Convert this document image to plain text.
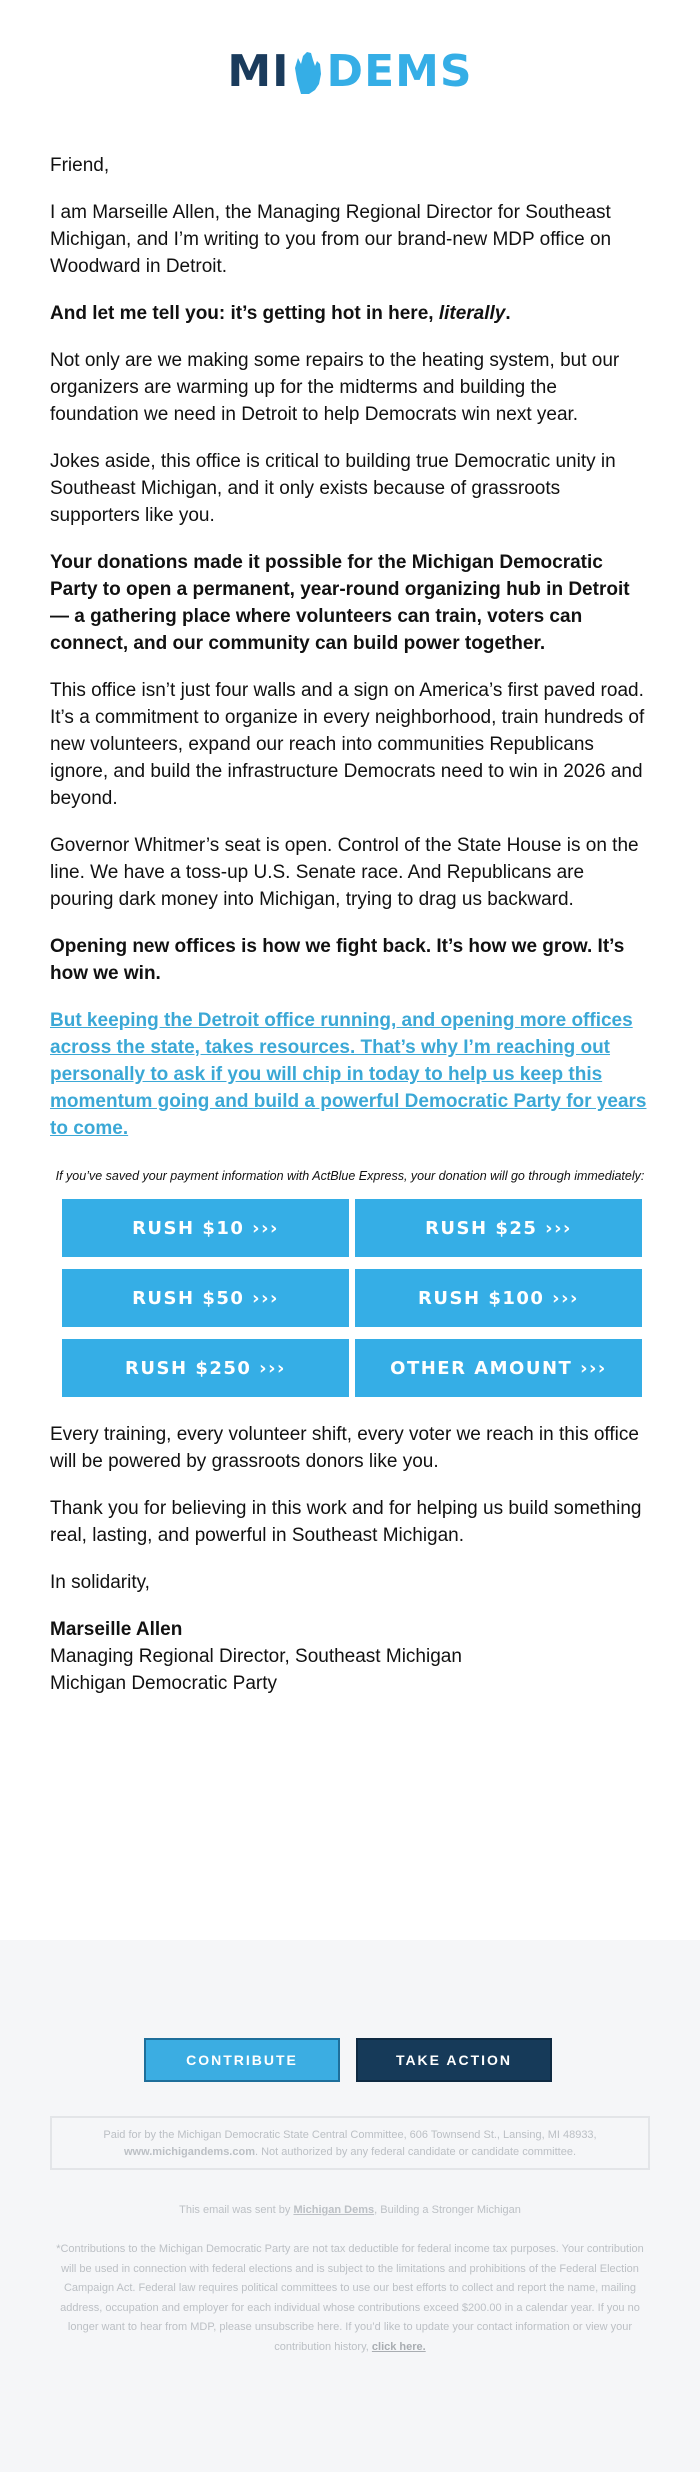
MI DEMS

Friend,

I am Marseille Allen, the Managing Regional Director for Southeast Michigan, and I’m writing to you from our brand-new MDP office on Woodward in Detroit.

And let me tell you: it’s getting hot in here, literally.

Not only are we making some repairs to the heating system, but our organizers are warming up for the midterms and building the foundation we need in Detroit to help Democrats win next year.

Jokes aside, this office is critical to building true Democratic unity in Southeast Michigan, and it only exists because of grassroots supporters like you.

Your donations made it possible for the Michigan Democratic Party to open a permanent, year-round organizing hub in Detroit — a gathering place where volunteers can train, voters can connect, and our community can build power together.

This office isn’t just four walls and a sign on America’s first paved road. It’s a commitment to organize in every neighborhood, train hundreds of new volunteers, expand our reach into communities Republicans ignore, and build the infrastructure Democrats need to win in 2026 and beyond.

Governor Whitmer’s seat is open. Control of the State House is on the line. We have a toss-up U.S. Senate race. And Republicans are pouring dark money into Michigan, trying to drag us backward.

Opening new offices is how we fight back. It’s how we grow. It’s how we win.

But keeping the Detroit office running, and opening more offices across the state, takes resources. That’s why I’m reaching out personally to ask if you will chip in today to help us keep this momentum going and build a powerful Democratic Party for years to come.

If you’ve saved your payment information with ActBlue Express, your donation will go through immediately:
RUSH $10 ›››	RUSH $25 ›››
RUSH $50 ›››	RUSH $100 ›››
RUSH $250 ›››	OTHER AMOUNT ›››

Every training, every volunteer shift, every voter we reach in this office will be powered by grassroots donors like you.

Thank you for believing in this work and for helping us build something real, lasting, and powerful in Southeast Michigan.

In solidarity,

Marseille Allen

Managing Regional Director, Southeast Michigan

Michigan Democratic Party

CONTRIBUTE	TAKE ACTION
Paid for by the Michigan Democratic State Central Committee, 606 Townsend St., Lansing, MI 48933, www.michigandems.com. Not authorized by any federal candidate or candidate committee.
This email was sent by Michigan Dems, Building a Stronger Michigan
*Contributions to the Michigan Democratic Party are not tax deductible for federal income tax purposes. Your contribution will be used in connection with federal elections and is subject to the limitations and prohibitions of the Federal Election Campaign Act. Federal law requires political committees to use our best efforts to collect and report the name, mailing address, occupation and employer for each individual whose contributions exceed $200.00 in a calendar year. If you no longer want to hear from MDP, please unsubscribe here. If you’d like to update your contact information or view your contribution history, click here.
